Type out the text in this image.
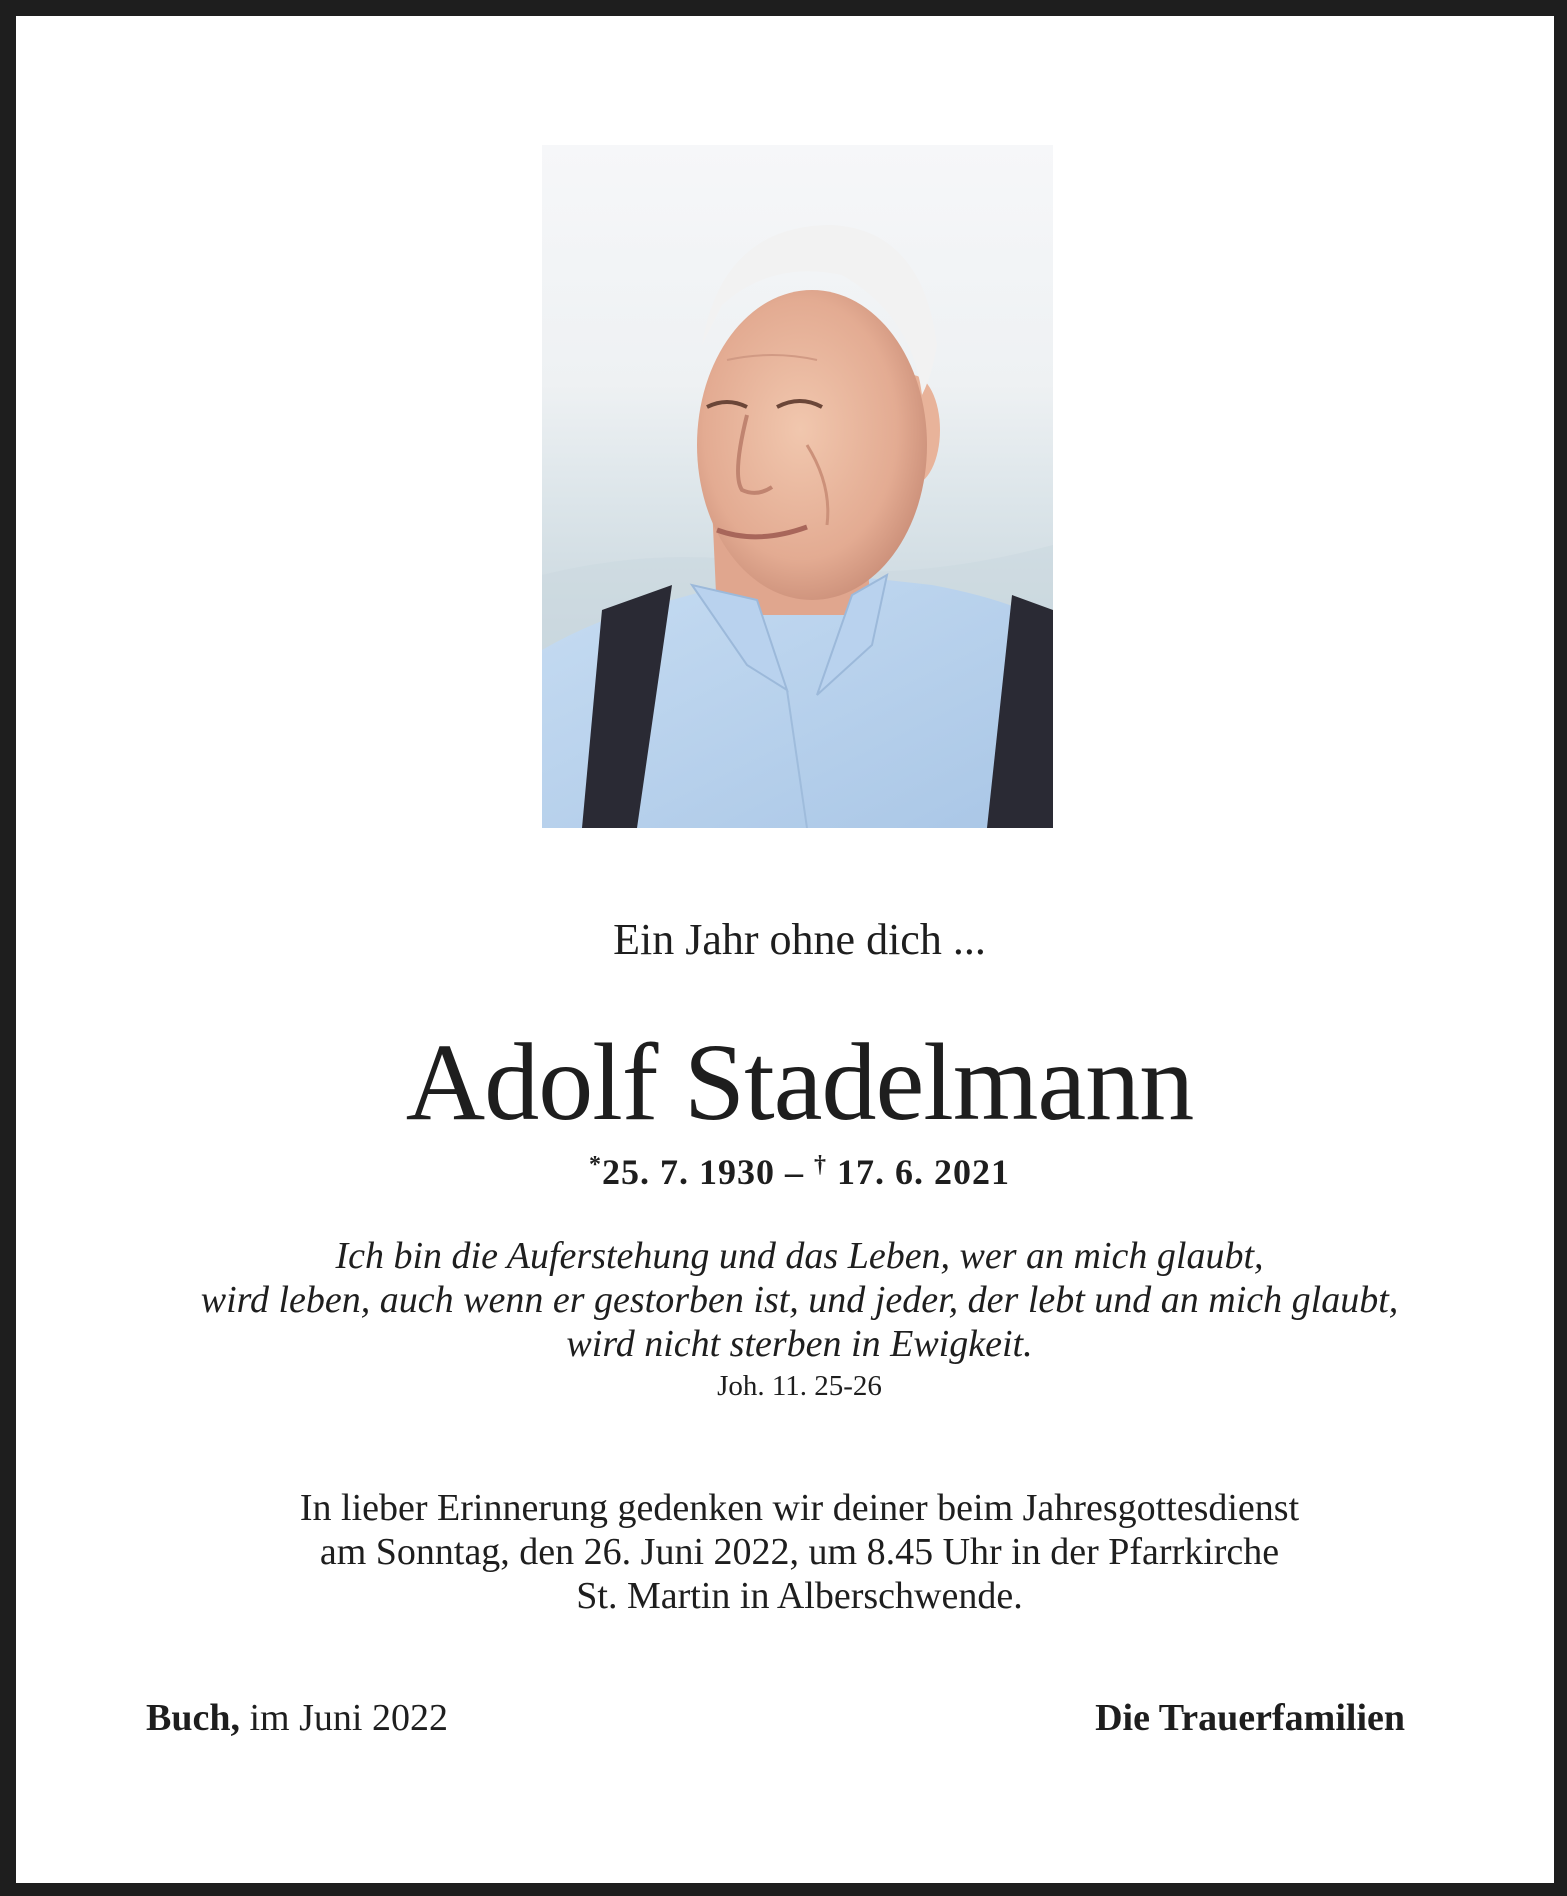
Ein Jahr ohne dich ...
Adolf Stadelmann
*25. 7. 1930 – † 17. 6. 2021
Ich bin die Auferstehung und das Leben, wer an mich glaubt,
wird leben, auch wenn er gestorben ist, und jeder, der lebt und an mich glaubt,
wird nicht sterben in Ewigkeit.
Joh. 11. 25-26
In lieber Erinnerung gedenken wir deiner beim Jahresgottesdienst
am Sonntag, den 26. Juni 2022, um 8.45 Uhr in der Pfarrkirche
St. Martin in Alberschwende.
Buch, im Juni 2022	Die Trauerfamilien
